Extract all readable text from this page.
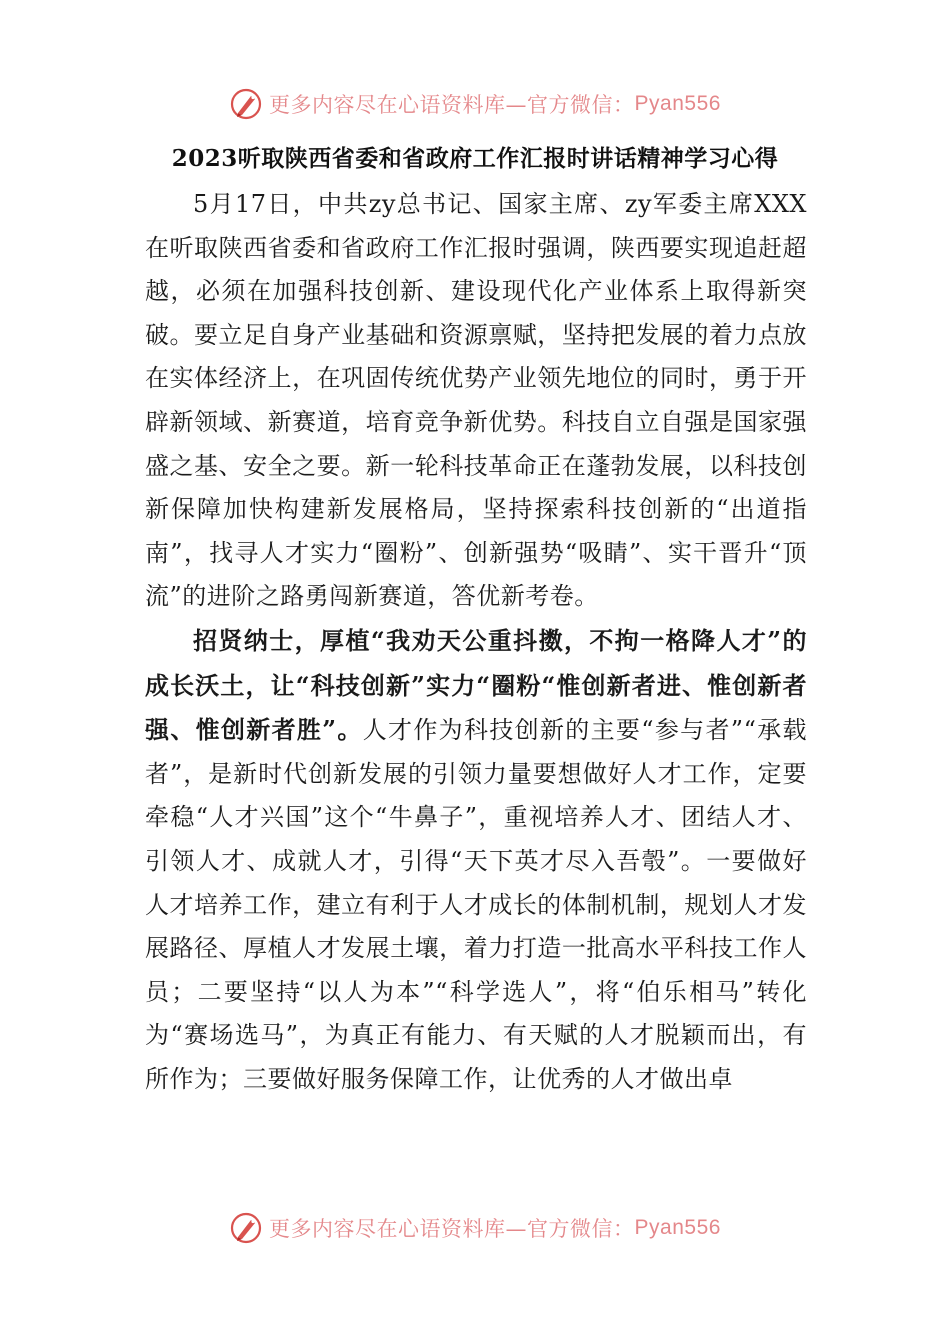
更多内容尽在心语资料库—官方微信： Pyan556
2023听取陕西省委和省政府工作汇报时讲话精神学习心得

5月17日，中共zy总书记、国家主席、zy军委主席XXX在听取陕西省委和省政府工作汇报时强调，陕西要实现追赶超越，必须在加强科技创新、建设现代化产业体系上取得新突破。要立足自身产业基础和资源禀赋，坚持把发展的着力点放在实体经济上，在巩固传统优势产业领先地位的同时，勇于开辟新领域、新赛道，培育竞争新优势。科技自立自强是国家强盛之基、安全之要。新一轮科技革命正在蓬勃发展，以科技创新保障加快构建新发展格局，坚持探索科技创新的“出道指南”，找寻人才实力“圈粉”、创新强势“吸睛”、实干晋升“顶流”的进阶之路勇闯新赛道，答优新考卷。

招贤纳士，厚植“我劝天公重抖擞，不拘一格降人才”的成长沃土，让“科技创新”实力“圈粉“惟创新者进、惟创新者强、惟创新者胜”。人才作为科技创新的主要“参与者”“承载者”，是新时代创新发展的引领力量要想做好人才工作，定要牵稳“人才兴国”这个“牛鼻子”，重视培养人才、团结人才、引领人才、成就人才，引得“天下英才尽入吾彀”。一要做好人才培养工作，建立有利于人才成长的体制机制，规划人才发展路径、厚植人才发展土壤，着力打造一批高水平科技工作人员；二要坚持“以人为本”“科学选人”，将“伯乐相马”转化为“赛场选马”，为真正有能力、有天赋的人才脱颖而出，有所作为；三要做好服务保障工作，让优秀的人才做出卓

更多内容尽在心语资料库—官方微信： Pyan556
